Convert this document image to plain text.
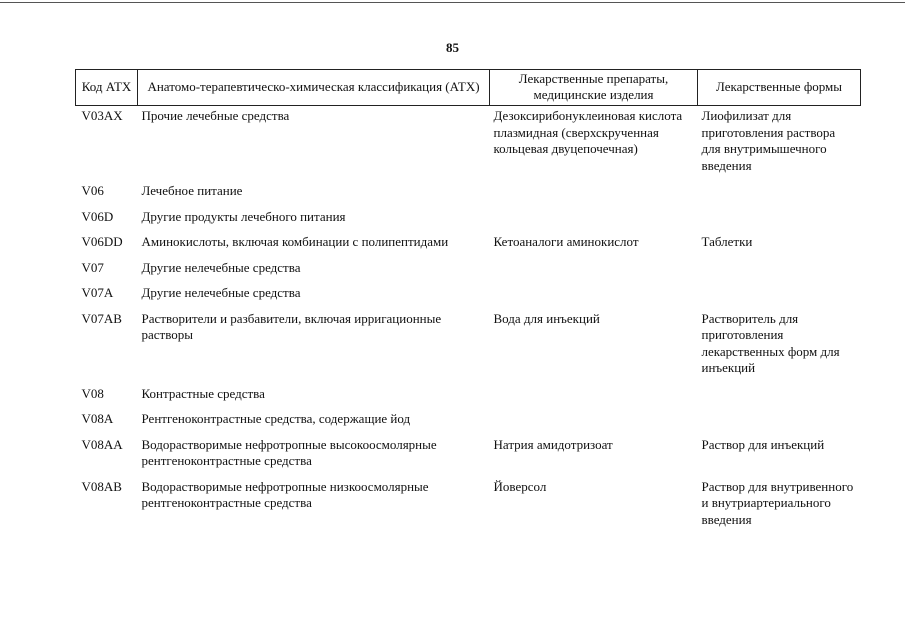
85
Код АТХ	Анатомо-терапевтическо-химическая классификация (АТХ)	Лекарственные препараты, медицинские изделия	Лекарственные формы
V03AX	Прочие лечебные средства	Дезоксирибонуклеиновая кислота плазмидная (сверхскрученная кольцевая двуцепочечная)	Лиофилизат для приготовления раствора для внутримышечного введения
V06	Лечебное питание		
V06D	Другие продукты лечебного питания		
V06DD	Аминокислоты, включая комбинации с полипептидами	Кетоаналоги аминокислот	Таблетки
V07	Другие нелечебные средства		
V07A	Другие нелечебные средства		
V07AB	Растворители и разбавители, включая ирригационные растворы	Вода для инъекций	Растворитель для приготовления лекарственных форм для инъекций
V08	Контрастные средства		
V08A	Рентгеноконтрастные средства, содержащие йод		
V08AA	Водорастворимые нефротропные высокоосмолярные рентгеноконтрастные средства	Натрия амидотризоат	Раствор для инъекций
V08AB	Водорастворимые нефротропные низкоосмолярные рентгеноконтрастные средства	Йоверсол	Раствор для внутривенного и внутриартериального введения
